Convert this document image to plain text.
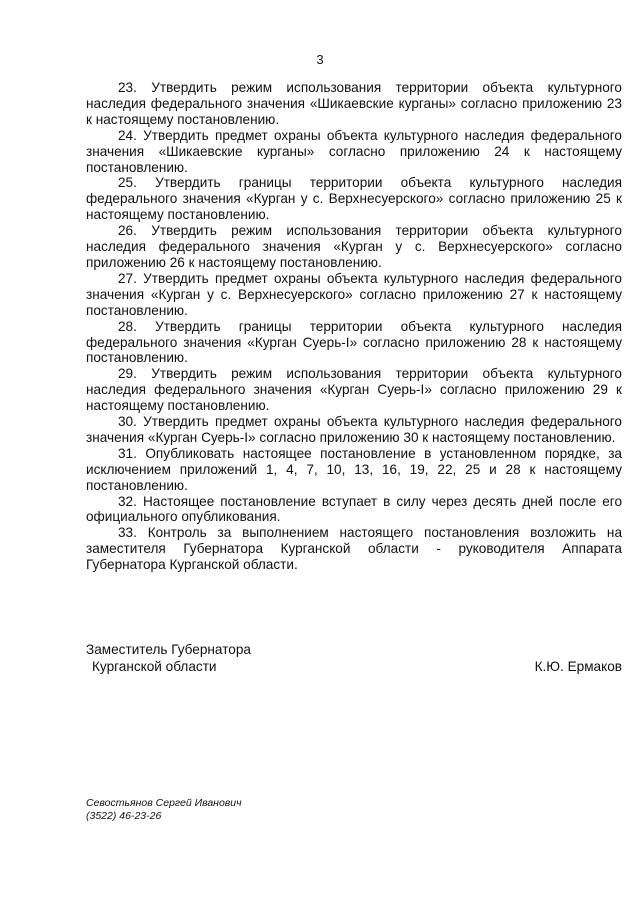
3

23. Утвердить режим использования территории объекта культурного наследия федерального значения «Шикаевские курганы» согласно приложению 23 к настоящему постановлению.

24. Утвердить предмет охраны объекта культурного наследия федерального значения «Шикаевские курганы» согласно приложению 24 к настоящему постановлению.

25. Утвердить границы территории объекта культурного наследия федерального значения «Курган у с. Верхнесуерского» согласно приложению 25 к настоящему постановлению.

26. Утвердить режим использования территории объекта культурного наследия федерального значения «Курган у с. Верхнесуерского» согласно приложению 26 к настоящему постановлению.

27. Утвердить предмет охраны объекта культурного наследия федерального значения «Курган у с. Верхнесуерского» согласно приложению 27 к настоящему постановлению.

28. Утвердить границы территории объекта культурного наследия федерального значения «Курган Суерь-I» согласно приложению 28 к настоящему постановлению.

29. Утвердить режим использования территории объекта культурного наследия федерального значения «Курган Суерь-I» согласно приложению 29 к настоящему постановлению.

30. Утвердить предмет охраны объекта культурного наследия федерального значения «Курган Суерь-I» согласно приложению 30 к настоящему постановлению.

31. Опубликовать настоящее постановление в установленном порядке, за исключением приложений 1, 4, 7, 10, 13, 16, 19, 22, 25 и 28 к настоящему постановлению.

32. Настоящее постановление вступает в силу через десять дней после его официального опубликования.

33. Контроль за выполнением настоящего постановления возложить на заместителя Губернатора Курганской области - руководителя Аппарата Губернатора Курганской области.

Заместитель Губернатора
Курганской области	К.Ю. Ермаков
Севостьянов Сергей Иванович
(3522) 46-23-26
